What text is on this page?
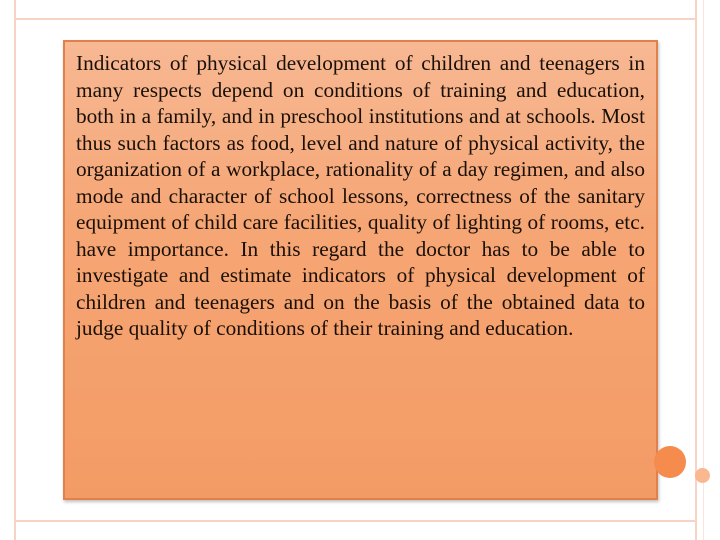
Indicators of physical development of children and teenagers in many respects depend on conditions of training and education, both in a family, and in preschool institutions and at schools. Most thus such factors as food, level and nature of physical activity, the organization of a workplace, rationality of a day regimen, and also mode and character of school lessons, correctness of the sanitary equipment of child care facilities, quality of lighting of rooms, etc. have importance. In this regard the doctor has to be able to investigate and estimate indicators of physical development of children and teenagers and on the basis of the obtained data to judge quality of conditions of their training and education.
